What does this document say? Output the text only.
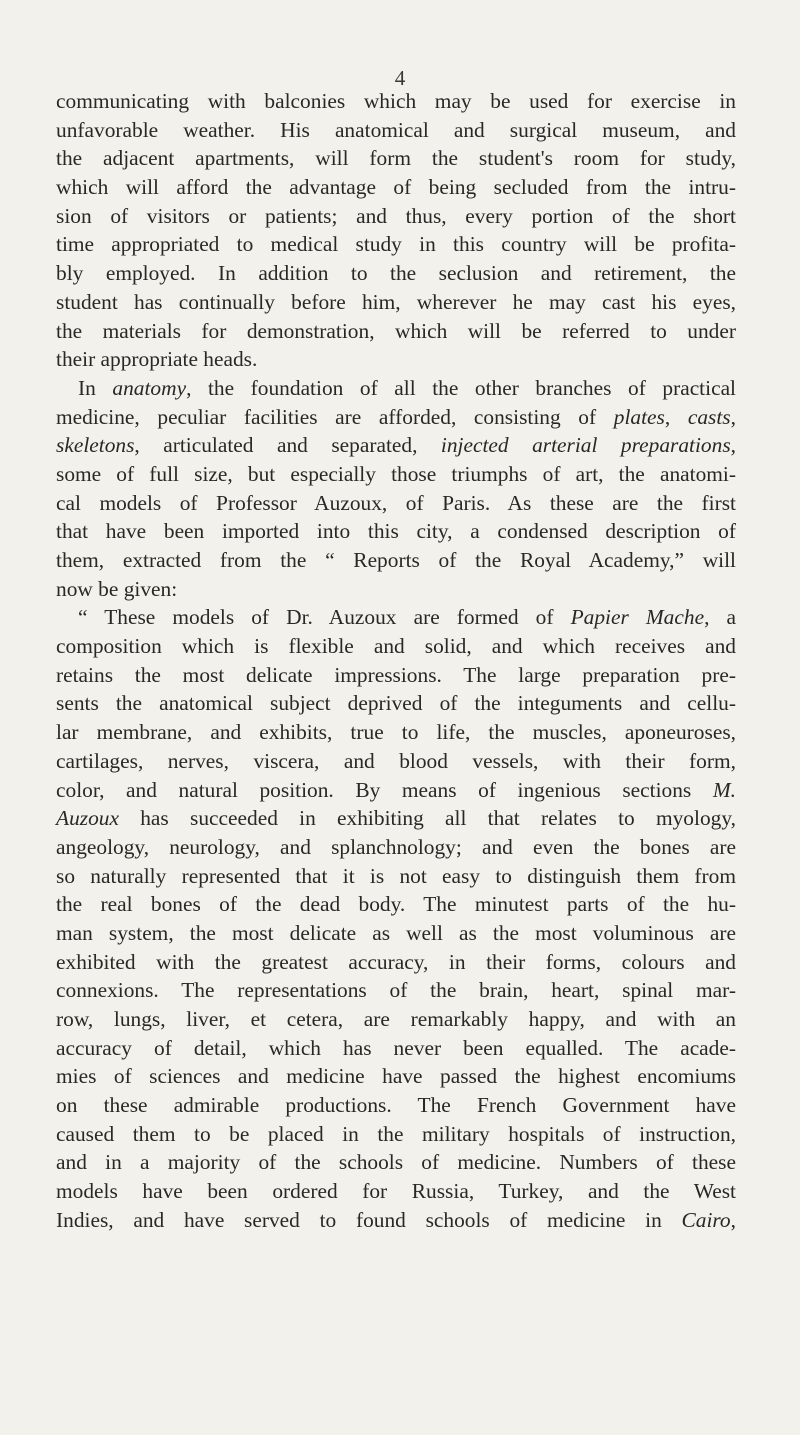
4
communicating with balconies which may be used for exercise in
unfavorable weather. His anatomical and surgical museum, and
the adjacent apartments, will form the student's room for study,
which will afford the advantage of being secluded from the intru-
sion of visitors or patients; and thus, every portion of the short
time appropriated to medical study in this country will be profita-
bly employed. In addition to the seclusion and retirement, the
student has continually before him, wherever he may cast his eyes,
the materials for demonstration, which will be referred to under
their appropriate heads.
In anatomy, the foundation of all the other branches of practical
medicine, peculiar facilities are afforded, consisting of plates, casts,
skeletons, articulated and separated, injected arterial preparations,
some of full size, but especially those triumphs of art, the anatomi-
cal models of Professor Auzoux, of Paris. As these are the first
that have been imported into this city, a condensed description of
them, extracted from the “ Reports of the Royal Academy,” will
now be given:
“ These models of Dr. Auzoux are formed of Papier Mache, a
composition which is flexible and solid, and which receives and
retains the most delicate impressions. The large preparation pre-
sents the anatomical subject deprived of the integuments and cellu-
lar membrane, and exhibits, true to life, the muscles, aponeuroses,
cartilages, nerves, viscera, and blood vessels, with their form,
color, and natural position. By means of ingenious sections M.
Auzoux has succeeded in exhibiting all that relates to myology,
angeology, neurology, and splanchnology; and even the bones are
so naturally represented that it is not easy to distinguish them from
the real bones of the dead body. The minutest parts of the hu-
man system, the most delicate as well as the most voluminous are
exhibited with the greatest accuracy, in their forms, colours and
connexions. The representations of the brain, heart, spinal mar-
row, lungs, liver, et cetera, are remarkably happy, and with an
accuracy of detail, which has never been equalled. The acade-
mies of sciences and medicine have passed the highest encomiums
on these admirable productions. The French Government have
caused them to be placed in the military hospitals of instruction,
and in a majority of the schools of medicine. Numbers of these
models have been ordered for Russia, Turkey, and the West
Indies, and have served to found schools of medicine in Cairo,
